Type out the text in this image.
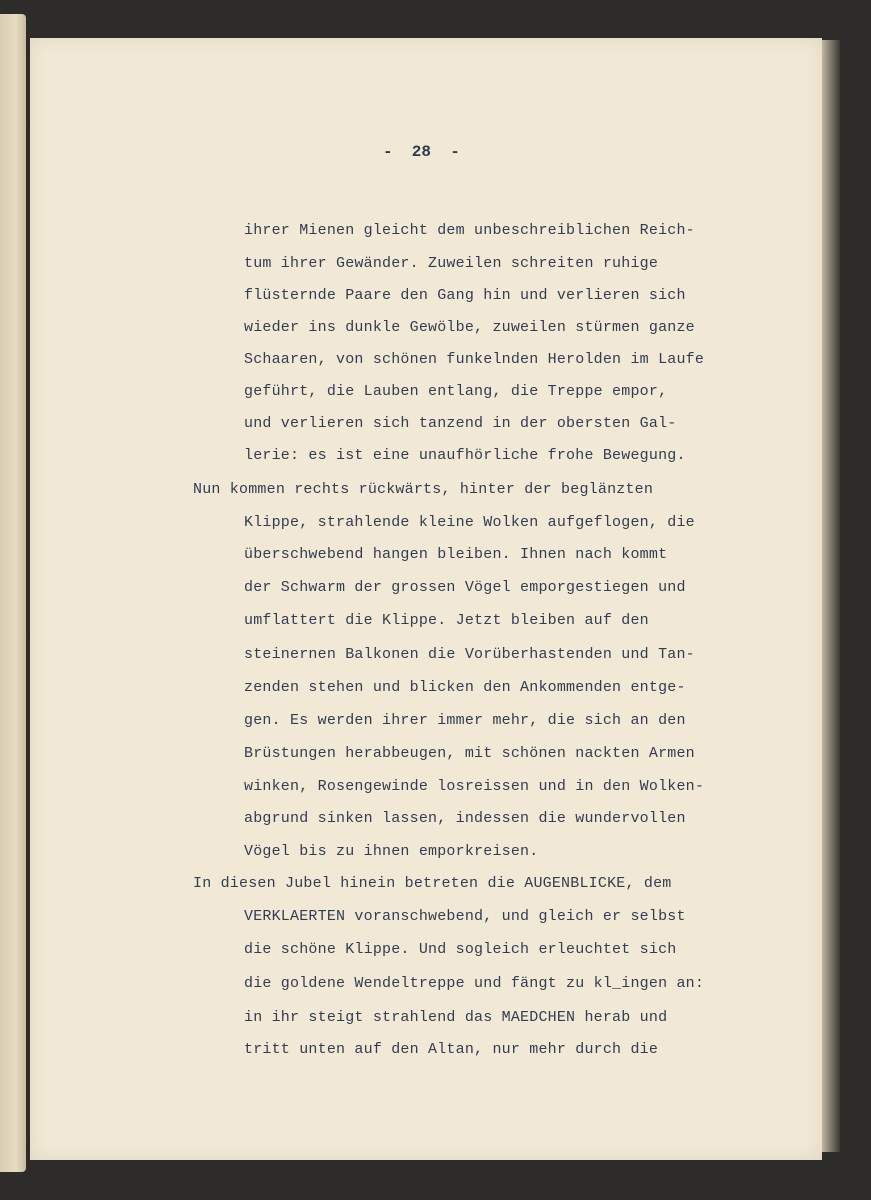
-  28  -
ihrer Mienen gleicht dem unbeschreiblichen Reich-
tum ihrer Gewänder. Zuweilen schreiten ruhige
flüsternde Paare den Gang hin und verlieren sich
wieder ins dunkle Gewölbe, zuweilen stürmen ganze
Schaaren, von schönen funkelnden Herolden im Laufe
geführt, die Lauben entlang, die Treppe empor,
und verlieren sich tanzend in der obersten Gal-
lerie: es ist eine unaufhörliche frohe Bewegung.
Nun kommen rechts rückwärts, hinter der beglänzten
Klippe, strahlende kleine Wolken aufgeflogen, die
überschwebend hangen bleiben. Ihnen nach kommt
der Schwarm der grossen Vögel emporgestiegen und
umflattert die Klippe. Jetzt bleiben auf den
steinernen Balkonen die Vorüberhastenden und Tan-
zenden stehen und blicken den Ankommenden entge-
gen. Es werden ihrer immer mehr, die sich an den
Brüstungen herabbeugen, mit schönen nackten Armen
winken, Rosengewinde losreissen und in den Wolken-
abgrund sinken lassen, indessen die wundervollen
Vögel bis zu ihnen emporkreisen.
In diesen Jubel hinein betreten die AUGENBLICKE, dem
VERKLAERTEN voranschwebend, und gleich er selbst
die schöne Klippe. Und sogleich erleuchtet sich
die goldene Wendeltreppe und fängt zu kl_ingen an:
in ihr steigt strahlend das MAEDCHEN herab und
tritt unten auf den Altan, nur mehr durch die
